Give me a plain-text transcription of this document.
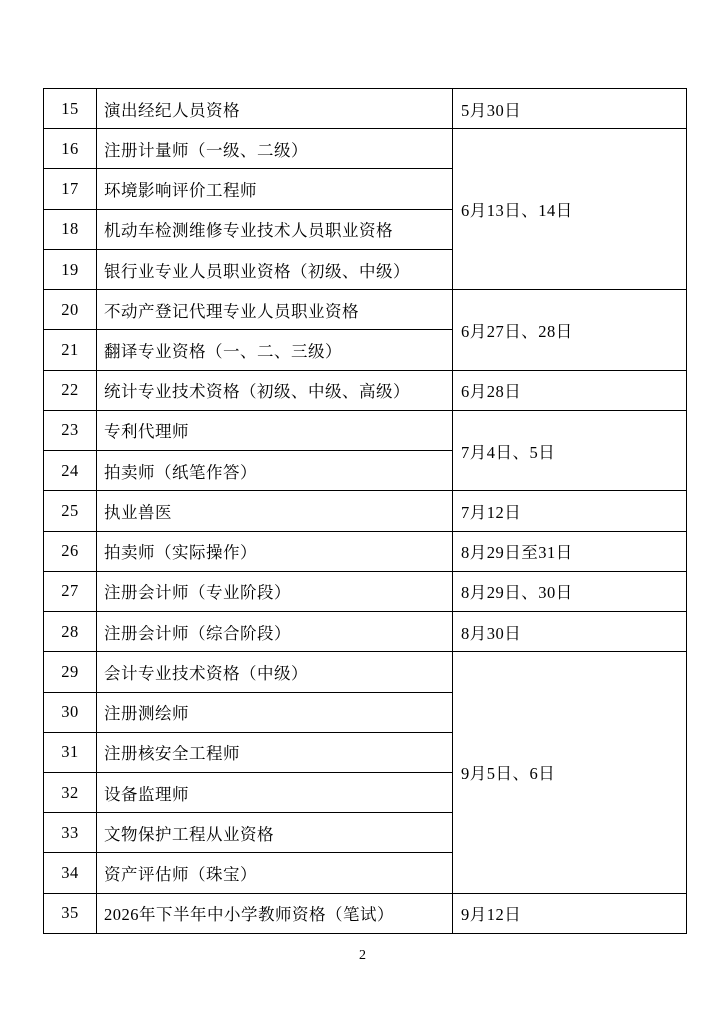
15	演出经纪人员资格	5月30日
16	注册计量师（一级、二级）	6月13日、14日
17	环境影响评价工程师	
18	机动车检测维修专业技术人员职业资格	
19	银行业专业人员职业资格（初级、中级）	
20	不动产登记代理专业人员职业资格	6月27日、28日
21	翻译专业资格（一、二、三级）	
22	统计专业技术资格（初级、中级、高级）	6月28日
23	专利代理师	7月4日、5日
24	拍卖师（纸笔作答）	
25	执业兽医	7月12日
26	拍卖师（实际操作）	8月29日至31日
27	注册会计师（专业阶段）	8月29日、30日
28	注册会计师（综合阶段）	8月30日
29	会计专业技术资格（中级）	9月5日、6日
30	注册测绘师	
31	注册核安全工程师	
32	设备监理师	
33	文物保护工程从业资格	
34	资产评估师（珠宝）	
35	2026年下半年中小学教师资格（笔试）	9月12日
2
